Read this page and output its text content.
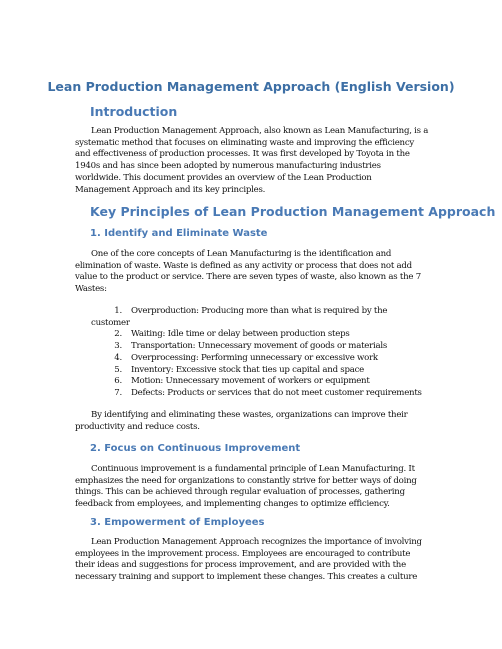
Lean Production Management Approach (English Version)
Introduction

Lean Production Management Approach, also known as Lean Manufacturing, is a
systematic method that focuses on eliminating waste and improving the efficiency
and effectiveness of production processes. It was first developed by Toyota in the
1940s and has since been adopted by numerous manufacturing industries
worldwide. This document provides an overview of the Lean Production
Management Approach and its key principles.

Key Principles of Lean Production Management Approach
1. Identify and Eliminate Waste

One of the core concepts of Lean Manufacturing is the identification and
elimination of waste. Waste is defined as any activity or process that does not add
value to the product or service. There are seven types of waste, also known as the 7
Wastes:

1. Overproduction: Producing more than what is required by the
customer
2. Waiting: Idle time or delay between production steps
3. Transportation: Unnecessary movement of goods or materials
4. Overprocessing: Performing unnecessary or excessive work
5. Inventory: Excessive stock that ties up capital and space
6. Motion: Unnecessary movement of workers or equipment
7. Defects: Products or services that do not meet customer requirements

By identifying and eliminating these wastes, organizations can improve their
productivity and reduce costs.

2. Focus on Continuous Improvement

Continuous improvement is a fundamental principle of Lean Manufacturing. It
emphasizes the need for organizations to constantly strive for better ways of doing
things. This can be achieved through regular evaluation of processes, gathering
feedback from employees, and implementing changes to optimize efficiency.

3. Empowerment of Employees

Lean Production Management Approach recognizes the importance of involving
employees in the improvement process. Employees are encouraged to contribute
their ideas and suggestions for process improvement, and are provided with the
necessary training and support to implement these changes. This creates a culture
